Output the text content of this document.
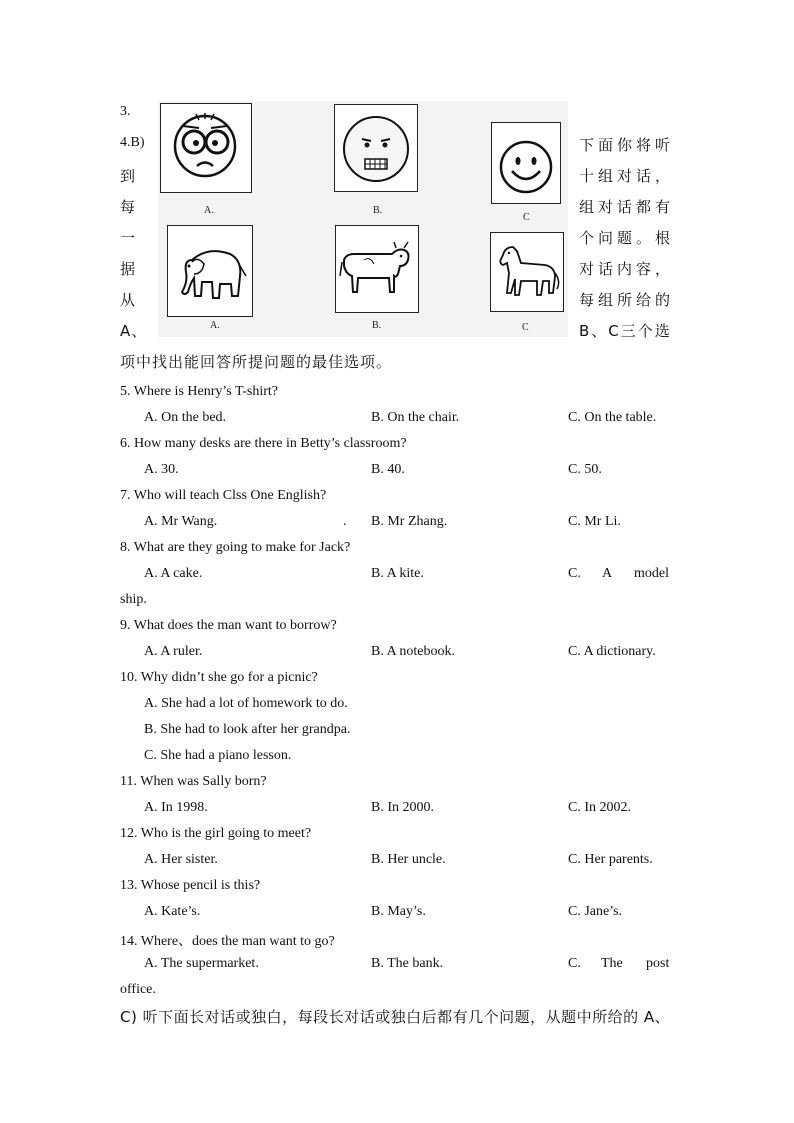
3.
4.B)
到
每
一
据
从
A、
下面你将听
十组对话，
组对话都有
个问题。根
对话内容，
每组所给的
B、C三个选
项中找出能回答所提问题的最佳选项。
A.	B.
C
A.	B.	C
5. Where is Henry’s T-shirt?
A. On the bed.	B. On the chair.	C. On the table.
6. How many desks are there in Betty’s classroom?
A. 30.	B. 40.	C. 50.
7. Who will teach Clss One English?
A. Mr Wang.	. B. Mr Zhang.	C. Mr Li.
8. What are they going to make for Jack?
A. A cake.	B. A kite.	C. A model
ship.
9. What does the man want to borrow?
A. A ruler.	B. A notebook.	C. A dictionary.
10. Why didn’t she go for a picnic?
A. She had a lot of homework to do.
B. She had to look after her grandpa.
C. She had a piano lesson.
11. When was Sally born?
A. In 1998.	B. In 2000.	C. In 2002.
12. Who is the girl going to meet?
A. Her sister.	B. Her uncle.	C. Her parents.
13. Whose pencil is this?
A. Kate’s.	B. May’s.	C. Jane’s.
14. Where、does the man want to go?
A. The supermarket.	B. The bank.	C. The post
office.
C) 听下面长对话或独白，每段长对话或独白后都有几个问题，从题中所给的 A、
